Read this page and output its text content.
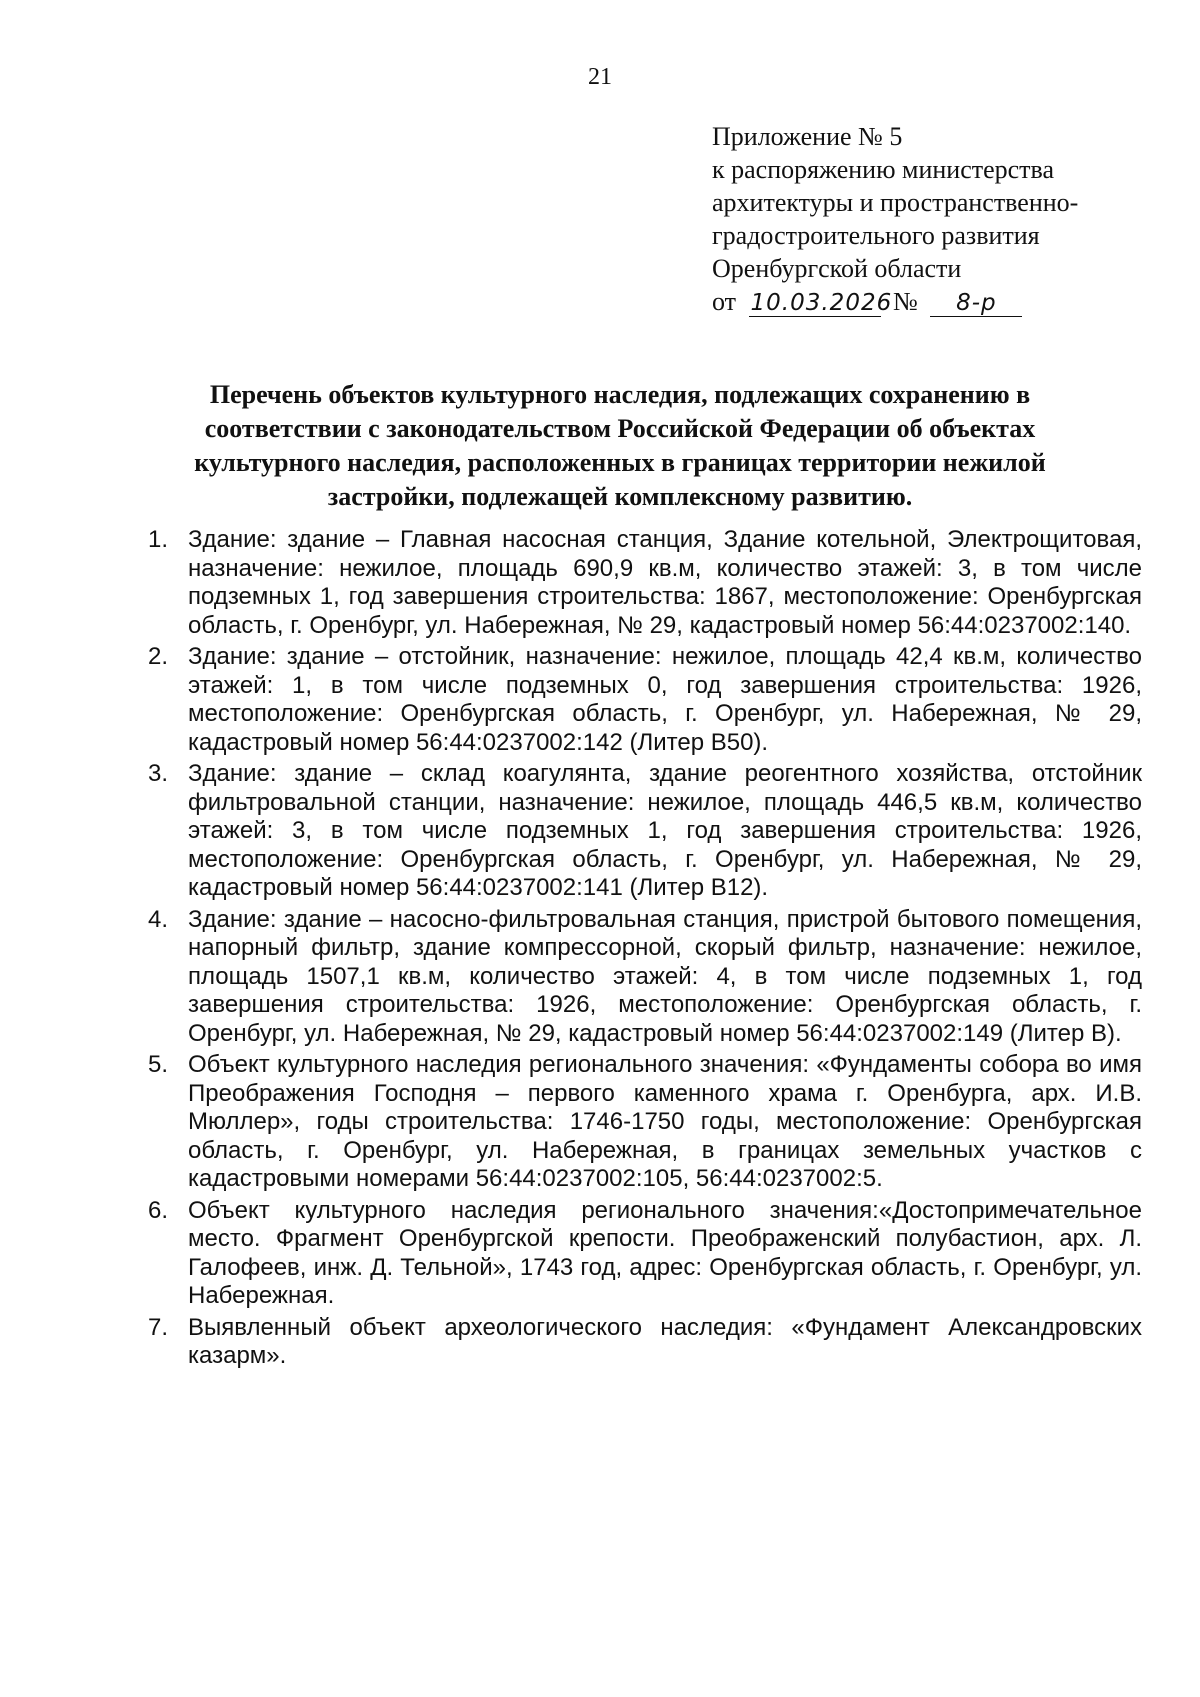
21
Приложение № 5
к распоряжению министерства
архитектуры и пространственно-
градостроительного развития
Оренбургской области
от 10.03.2026 № 8-р
Перечень объектов культурного наследия, подлежащих сохранению в соответствии с законодательством Российской Федерации об объектах культурного наследия, расположенных в границах территории нежилой застройки, подлежащей комплексному развитию.
1. Здание: здание – Главная насосная станция, Здание котельной, Электрощитовая, назначение: нежилое, площадь 690,9 кв.м, количество этажей: 3, в том числе подземных 1, год завершения строительства: 1867, местоположение: Оренбургская область, г. Оренбург, ул. Набережная, № 29, кадастровый номер 56:44:0237002:140.
2. Здание: здание – отстойник, назначение: нежилое, площадь 42,4 кв.м, количество этажей: 1, в том числе подземных 0, год завершения строительства: 1926, местоположение: Оренбургская область, г. Оренбург, ул. Набережная, № 29, кадастровый номер 56:44:0237002:142 (Литер В50).
3. Здание: здание – склад коагулянта, здание реогентного хозяйства, отстойник фильтровальной станции, назначение: нежилое, площадь 446,5 кв.м, количество этажей: 3, в том числе подземных 1, год завершения строительства: 1926, местоположение: Оренбургская область, г. Оренбург, ул. Набережная, № 29, кадастровый номер 56:44:0237002:141 (Литер В12).
4. Здание: здание – насосно-фильтровальная станция, пристрой бытового помещения, напорный фильтр, здание компрессорной, скорый фильтр, назначение: нежилое, площадь 1507,1 кв.м, количество этажей: 4, в том числе подземных 1, год завершения строительства: 1926, местоположение: Оренбургская область, г. Оренбург, ул. Набережная, № 29, кадастровый номер 56:44:0237002:149 (Литер В).
5. Объект культурного наследия регионального значения: «Фундаменты собора во имя Преображения Господня – первого каменного храма г. Оренбурга, арх. И.В. Мюллер», годы строительства: 1746-1750 годы, местоположение: Оренбургская область, г. Оренбург, ул. Набережная, в границах земельных участков с кадастровыми номерами 56:44:0237002:105, 56:44:0237002:5.
6. Объект культурного наследия регионального значения:«Достопримечательное место. Фрагмент Оренбургской крепости. Преображенский полубастион, арх. Л. Галофеев, инж. Д. Тельной», 1743 год, адрес: Оренбургская область, г. Оренбург, ул. Набережная.
7. Выявленный объект археологического наследия: «Фундамент Александровских казарм».
